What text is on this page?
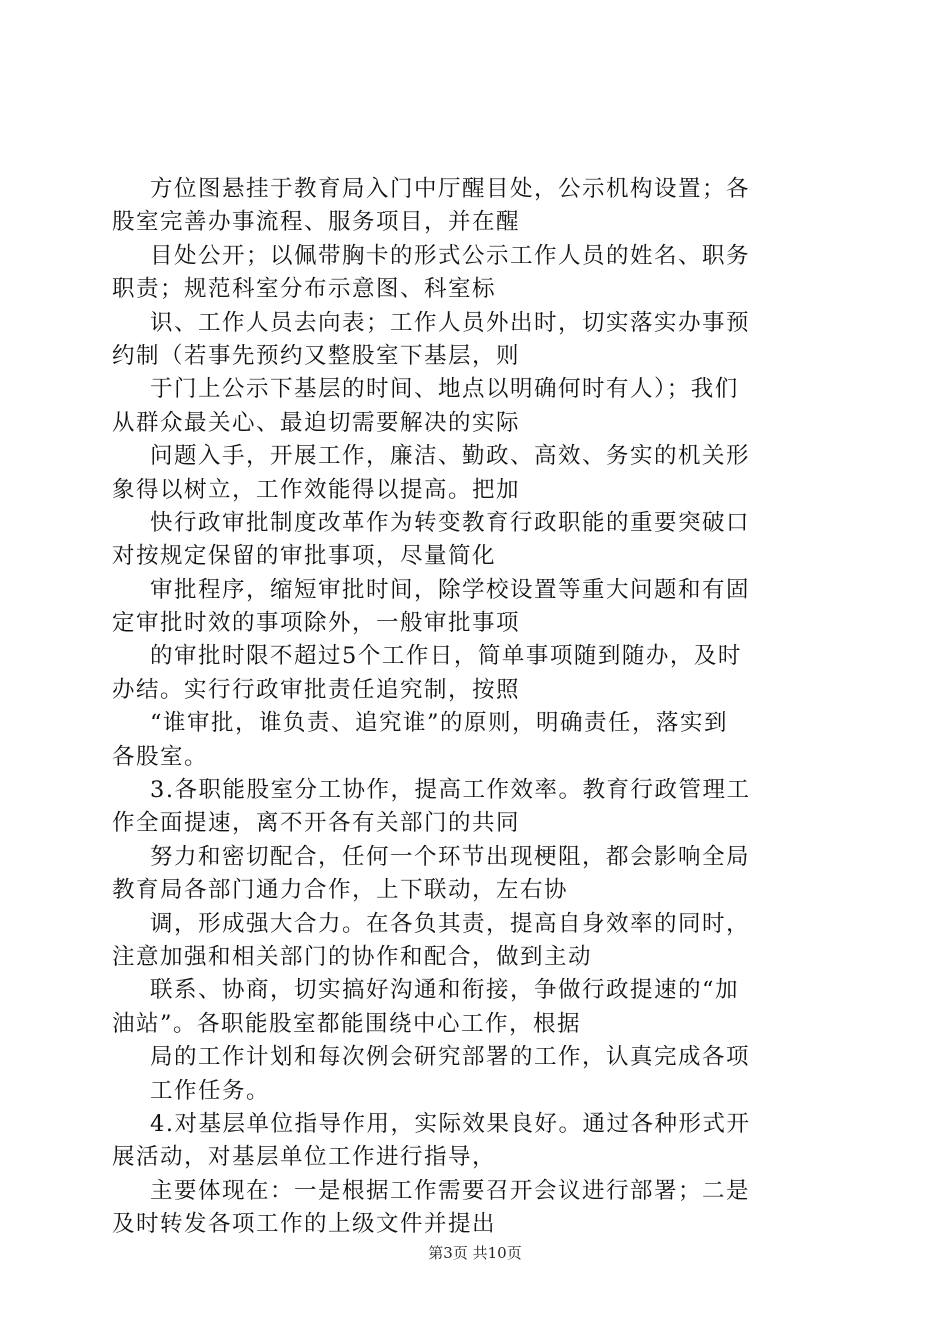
方位图悬挂于教育局入门中厅醒目处，公示机构设置；各
股室完善办事流程、服务项目，并在醒
目处公开；以佩带胸卡的形式公示工作人员的姓名、职务
职责；规范科室分布示意图、科室标
识、工作人员去向表；工作人员外出时，切实落实办事预
约制（若事先预约又整股室下基层，则
于门上公示下基层的时间、地点以明确何时有人）；我们
从群众最关心、最迫切需要解决的实际
问题入手，开展工作，廉洁、勤政、高效、务实的机关形
象得以树立，工作效能得以提高。把加
快行政审批制度改革作为转变教育行政职能的重要突破口
对按规定保留的审批事项，尽量简化
审批程序，缩短审批时间，除学校设置等重大问题和有固
定审批时效的事项除外，一般审批事项
的审批时限不超过5个工作日，简单事项随到随办，及时
办结。实行行政审批责任追究制，按照
“谁审批，谁负责、追究谁”的原则，明确责任，落实到
各股室。
3.各职能股室分工协作，提高工作效率。教育行政管理工
作全面提速，离不开各有关部门的共同
努力和密切配合，任何一个环节出现梗阻，都会影响全局
教育局各部门通力合作，上下联动，左右协
调，形成强大合力。在各负其责，提高自身效率的同时，
注意加强和相关部门的协作和配合，做到主动
联系、协商，切实搞好沟通和衔接，争做行政提速的“加
油站”。各职能股室都能围绕中心工作，根据
局的工作计划和每次例会研究部署的工作，认真完成各项
工作任务。
4.对基层单位指导作用，实际效果良好。通过各种形式开
展活动，对基层单位工作进行指导，
主要体现在：一是根据工作需要召开会议进行部署；二是
及时转发各项工作的上级文件并提出
第3页 共10页
